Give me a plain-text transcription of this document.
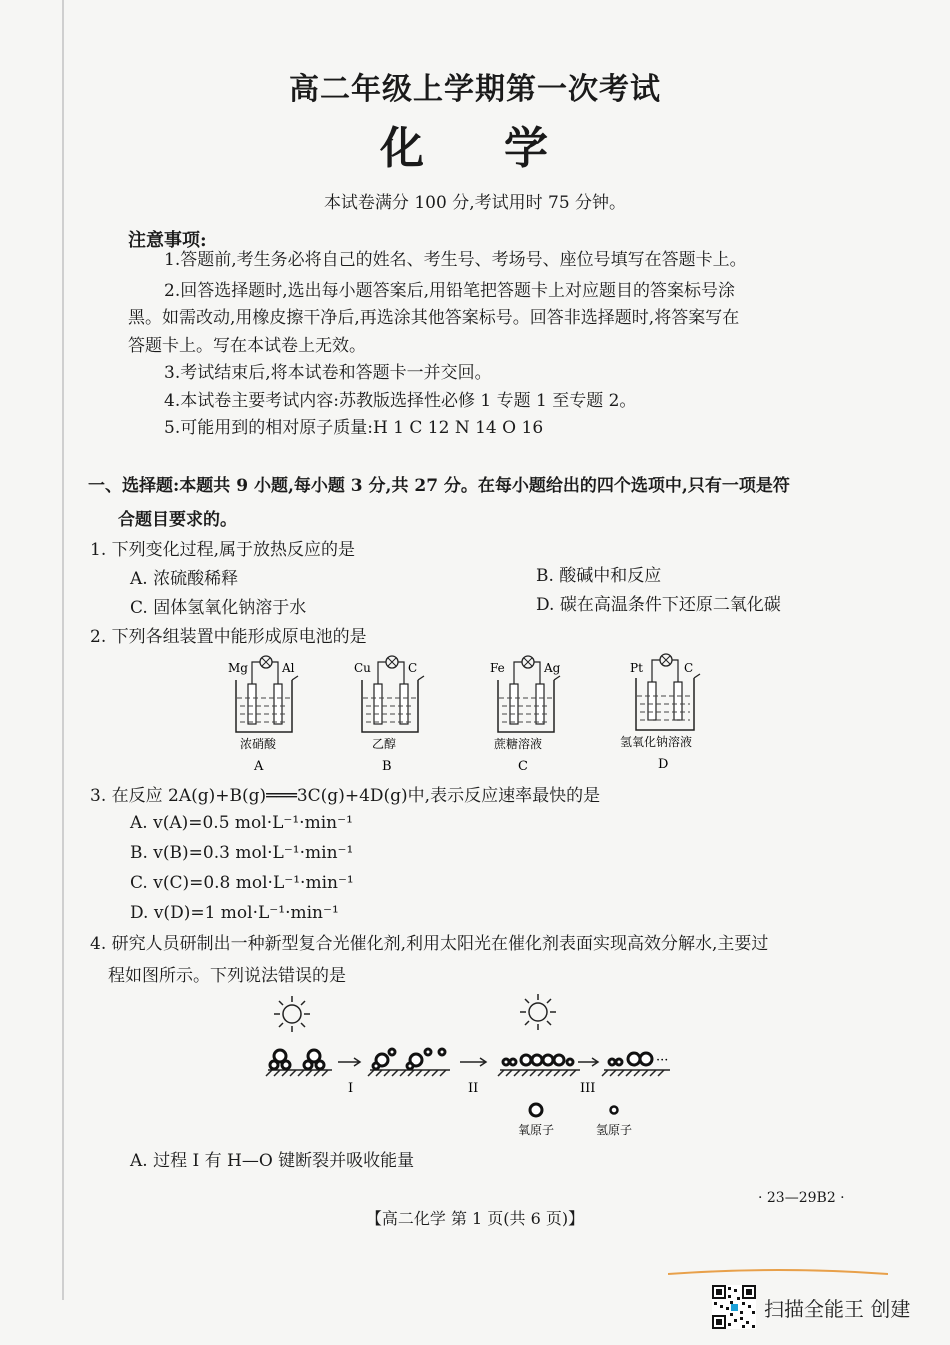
高二年级上学期第一次考试
化学
本试卷满分 100 分,考试用时 75 分钟。
注意事项:
1.答题前,考生务必将自己的姓名、考生号、考场号、座位号填写在答题卡上。
2.回答选择题时,选出每小题答案后,用铅笔把答题卡上对应题目的答案标号涂
黑。如需改动,用橡皮擦干净后,再选涂其他答案标号。回答非选择题时,将答案写在
答题卡上。写在本试卷上无效。
3.考试结束后,将本试卷和答题卡一并交回。
4.本试卷主要考试内容:苏教版选择性必修 1 专题 1 至专题 2。
5.可能用到的相对原子质量:H 1 C 12 N 14 O 16
一、选择题:本题共 9 小题,每小题 3 分,共 27 分。在每小题给出的四个选项中,只有一项是符
合题目要求的。
1. 下列变化过程,属于放热反应的是
A. 浓硫酸稀释	B. 酸碱中和反应
C. 固体氢氧化钠溶于水	D. 碳在高温条件下还原二氧化碳
2. 下列各组装置中能形成原电池的是
Mg	Al
浓硝酸
A
Cu	C
乙醇
B
Fe	Ag
蔗糖溶液
C
Pt	C
氢氧化钠溶液
D
3. 在反应 2A(g)+B(g)═══3C(g)+4D(g)中,表示反应速率最快的是
A. v(A)=0.5 mol·L⁻¹·min⁻¹
B. v(B)=0.3 mol·L⁻¹·min⁻¹
C. v(C)=0.8 mol·L⁻¹·min⁻¹
D. v(D)=1 mol·L⁻¹·min⁻¹
4. 研究人员研制出一种新型复合光催化剂,利用太阳光在催化剂表面实现高效分解水,主要过
程如图所示。下列说法错误的是
I	II	III
···
氧原子	氢原子
A. 过程 I 有 H—O 键断裂并吸收能量
【高二化学 第 1 页(共 6 页)】
· 23—29B2 ·
扫描全能王 创建
